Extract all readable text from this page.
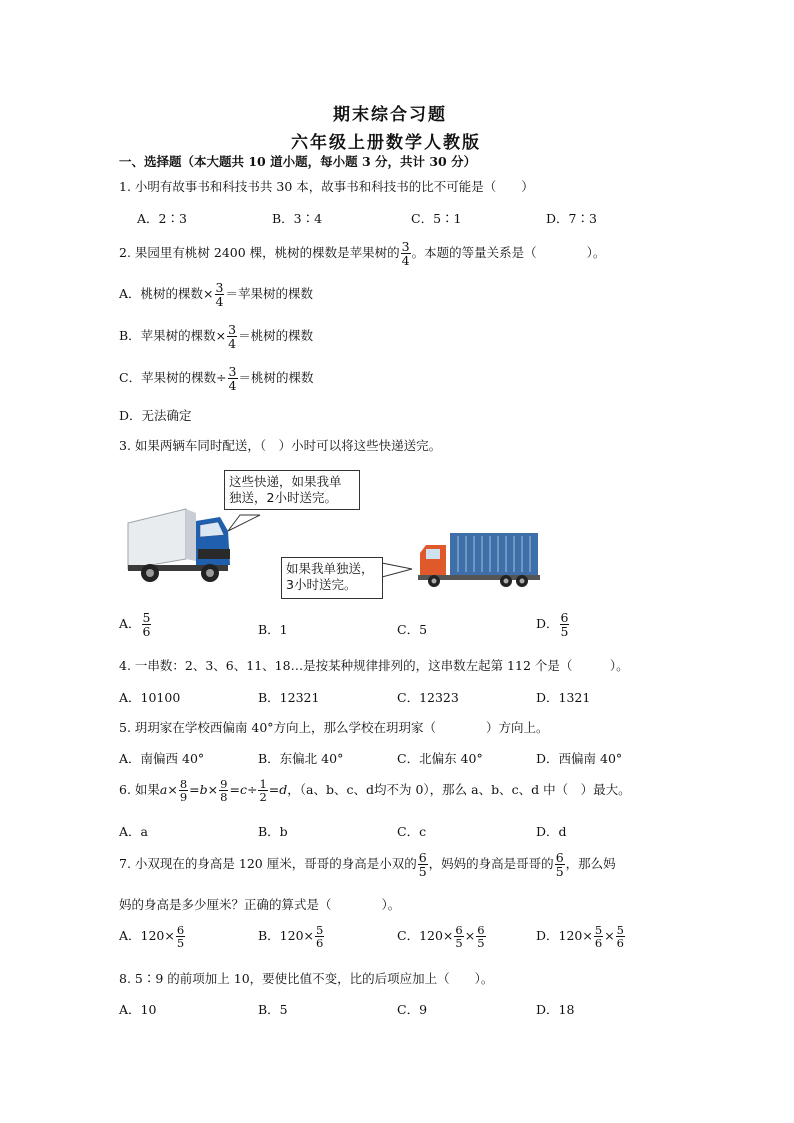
期末综合习题
六年级上册数学人教版
一、选择题（本大题共 10 道小题，每小题 3 分，共计 30 分）
1. 小明有故事书和科技书共 30 本，故事书和科技书的比不可能是（　　）
A．2∶3	B．3∶4	C．5∶1	D．7∶3
2. 果园里有桃树 2400 棵，桃树的棵数是苹果树的 $\frac{3}{4}$ 。本题的等量关系是（　　　　）。
A．桃树的棵数× $\frac{3}{4}$ ＝苹果树的棵数
B．苹果树的棵数× $\frac{3}{4}$ ＝桃树的棵数
C．苹果树的棵数÷ $\frac{3}{4}$ ＝桃树的棵数
D．无法确定
3. 如果两辆车同时配送，（　）小时可以将这些快递送完。
这些快递，如果我单
独送，2小时送完。
如果我单独送，
3小时送完。
A． $\frac{5}{6}$	B．1	C．5	D． $\frac{6}{5}$
4. 一串数：2、3、6、11、18…是按某种规律排列的，这串数左起第 112 个是（　　　）。
A．10100	B．12321	C．12323	D．1321
5. 玥玥家在学校西偏南 40°方向上，那么学校在玥玥家（　　　　）方向上。
A．南偏西 40°	B．东偏北 40°	C．北偏东 40°	D．西偏南 40°
6. 如果$a\times \frac{8}{9} =b\times \frac{9}{8} =c\div \frac{1}{2} =d$，（a、b、c、d均不为 0），那么 a、b、c、d 中（　）最大。
A．a	B．b	C．c	D．d
7. 小双现在的身高是 120 厘米，哥哥的身高是小双的 $\frac{6}{5}$ ，妈妈的身高是哥哥的 $\frac{6}{5}$ ，那么妈
妈的身高是多少厘米？正确的算式是（　　　　）。
A．$120\times \frac{6}{5}$	B．$120\times \frac{5}{6}$	C．$120\times \frac{6}{5} \times \frac{6}{5}$	D．$120\times \frac{5}{6} \times \frac{5}{6}$
8. 5∶9 的前项加上 10，要使比值不变，比的后项应加上（　　）。
A．10	B．5	C．9	D．18
